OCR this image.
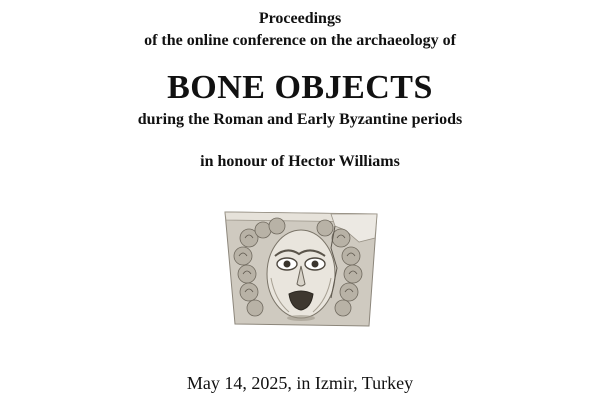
Proceedings
of the online conference on the archaeology of
BONE OBJECTS
during the Roman and Early Byzantine periods
in honour of Hector Williams
May 14, 2025, in Izmir, Turkey
